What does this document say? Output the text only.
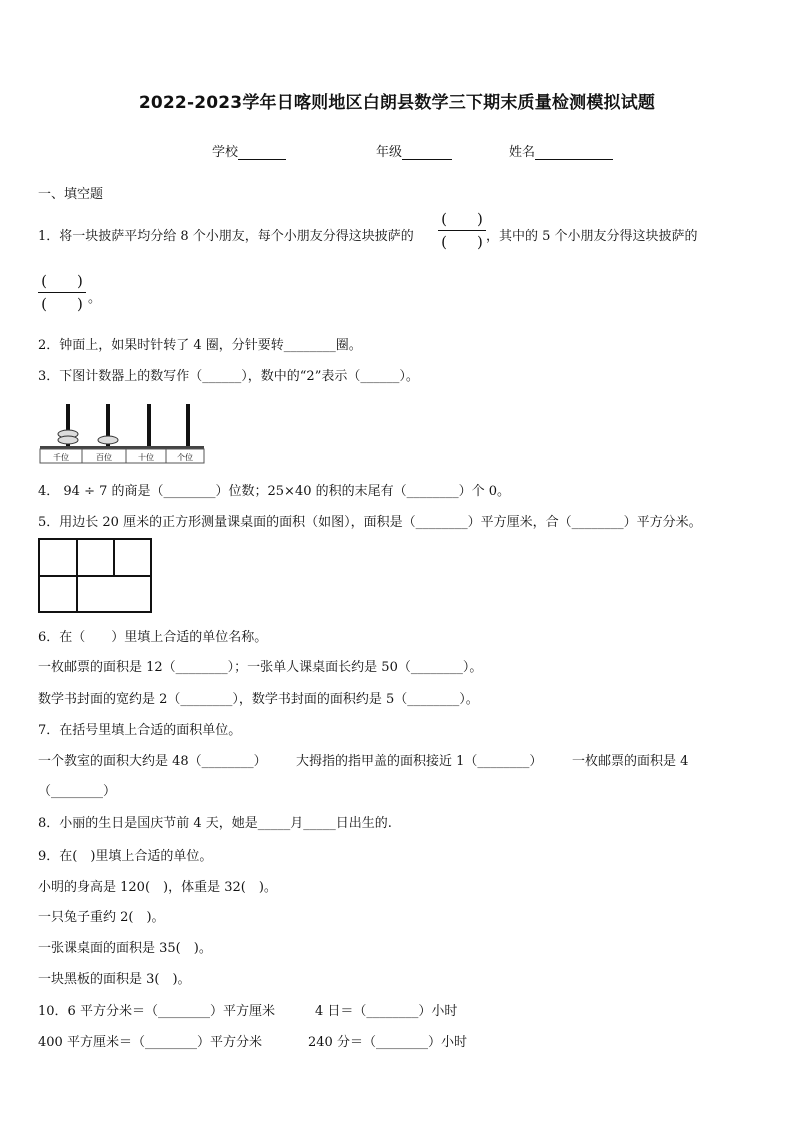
2022-2023学年日喀则地区白朗县数学三下期末质量检测模拟试题
学校	年级	姓名
一、填空题
1．将一块披萨平均分给 8 个小朋友，每个小朋友分得这块披萨的
(　　)
(　　) ，其中的 5 个小朋友分得这块披萨的
(　　)
(　　) 。
2．钟面上，如果时针转了 4 圈，分针要转________圈。
3．下图计数器上的数写作（______），数中的“2”表示（______）。
千位	百位	十位	个位
4． 94 ÷ 7 的商是（________）位数；25×40 的积的末尾有（________）个 0。
5．用边长 20 厘米的正方形测量课桌面的面积（如图），面积是（________）平方厘米，合（________）平方分米。
6．在（　　）里填上合适的单位名称。
一枚邮票的面积是 12（________）；一张单人课桌面长约是 50（________）。
数学书封面的宽约是 2（________），数学书封面的面积约是 5（________）。
7．在括号里填上合适的面积单位。
一个教室的面积大约是 48（________） 大拇指的指甲盖的面积接近 1（________） 一枚邮票的面积是 4
（________）
8．小丽的生日是国庆节前 4 天，她是_____月_____日出生的.
9．在(　)里填上合适的单位。
小明的身高是 120(　)，体重是 32(　)。
一只兔子重约 2(　)。
一张课桌面的面积是 35(　)。
一块黑板的面积是 3(　)。
10．6 平方分米＝（________）平方厘米	4 日＝（________）小时
400 平方厘米＝（________）平方分米	240 分＝（________）小时
